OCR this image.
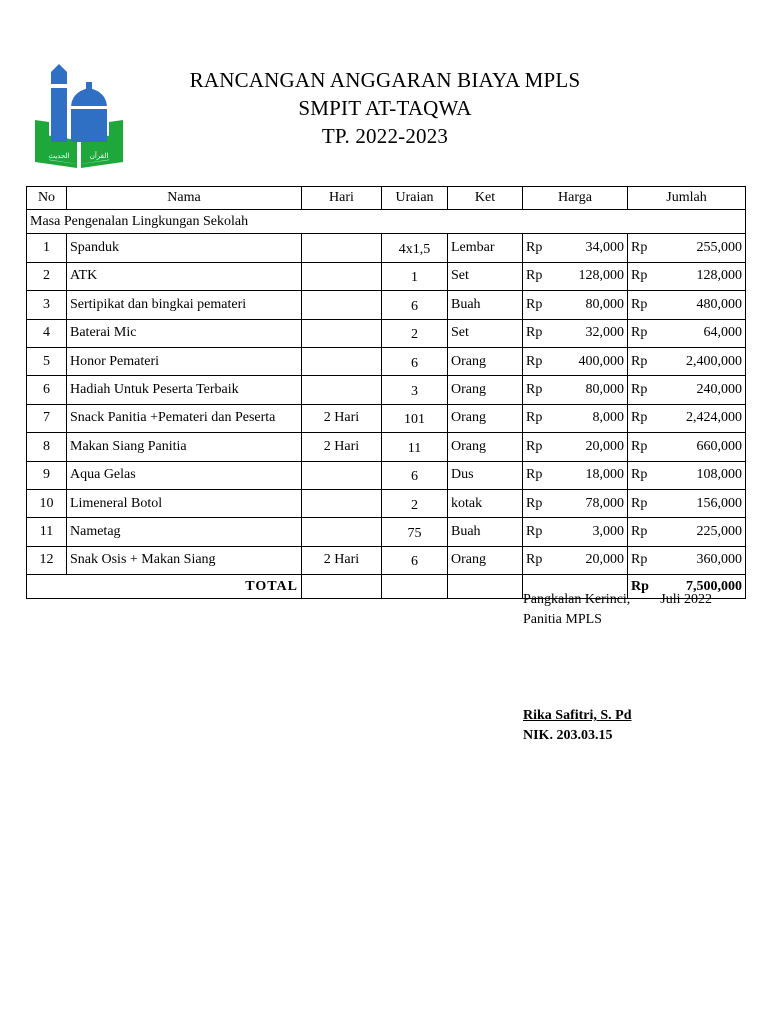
القرآن
الحديث
RANCANGAN ANGGARAN BIAYA MPLS
SMPIT AT-TAQWA
TP. 2022-2023
No	Nama	Hari	Uraian	Ket	Harga	Jumlah
Masa Pengenalan Lingkungan Sekolah						
1	Spanduk		4x1,5	Lembar	Rp 34,000	Rp 255,000

2	ATK		1	Set	Rp 128,000	Rp 128,000

3	Sertipikat dan bingkai pemateri		6	Buah	Rp 80,000	Rp 480,000

4	Baterai Mic		2	Set	Rp 32,000	Rp 64,000

5	Honor Pemateri		6	Orang	Rp 400,000	Rp 2,400,000

6	Hadiah Untuk Peserta Terbaik		3	Orang	Rp 80,000	Rp 240,000

7	Snack Panitia +Pemateri dan Peserta	2 Hari	101	Orang	Rp 8,000	Rp 2,424,000

8	Makan Siang Panitia	2 Hari	11	Orang	Rp 20,000	Rp 660,000

9	Aqua Gelas		6	Dus	Rp 18,000	Rp 108,000

10	Limeneral Botol		2	kotak	Rp 78,000	Rp 156,000

11	Nametag		75	Buah	Rp 3,000	Rp 225,000

12	Snak Osis + Makan Siang	2 Hari	6	Orang	Rp 20,000	Rp 360,000

TOTAL						Rp 7,500,000
Pangkalan Kerinci, Juli 2022
Panitia MPLS
Rika Safitri, S. Pd
NIK. 203.03.15
